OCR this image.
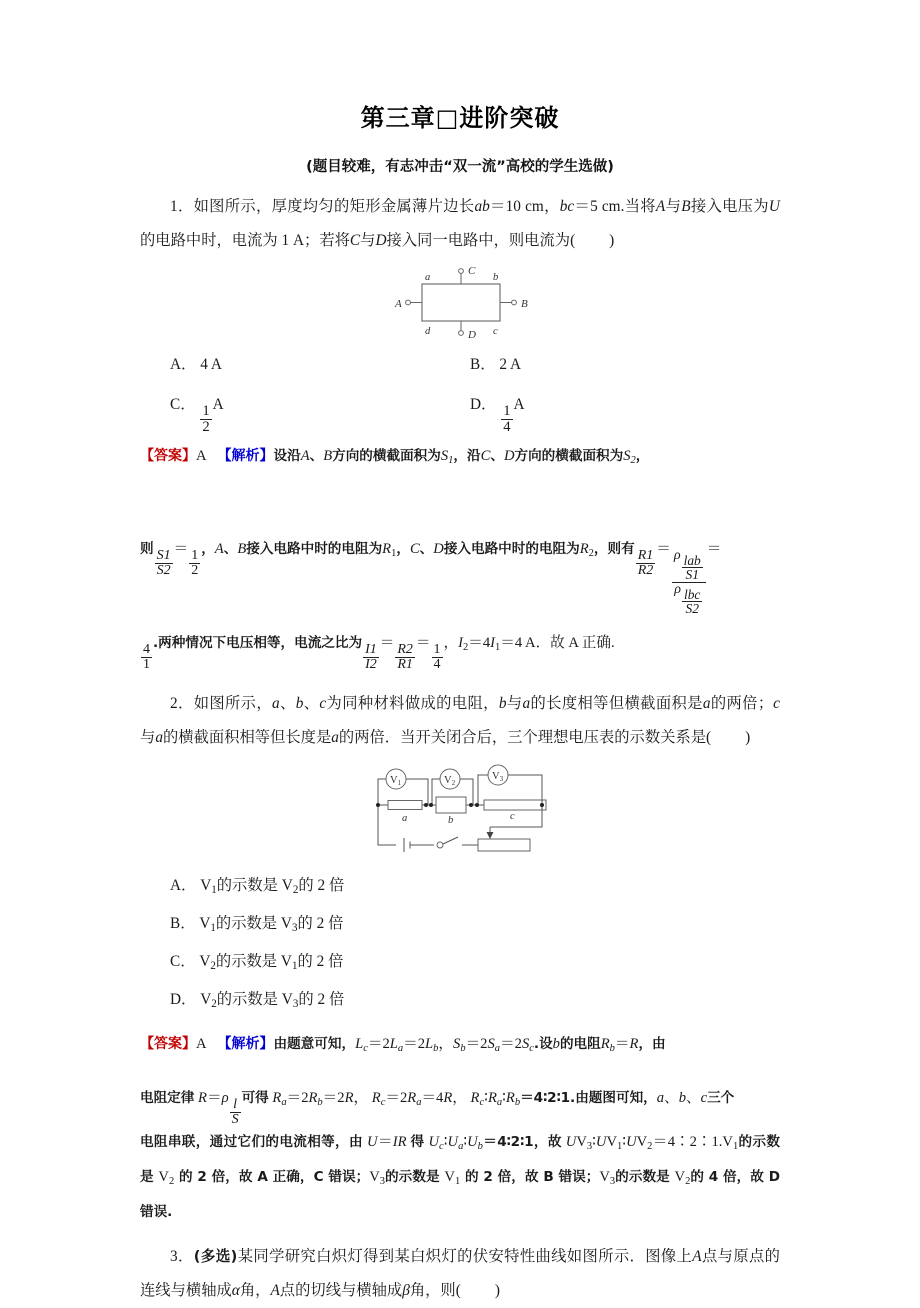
第三章□进阶突破

(题目较难，有志冲击“双一流”高校的学生选做)

1．如图所示，厚度均匀的矩形金属薄片边长ab＝10 cm，bc＝5 cm.当将A与B接入电压为U的电路中时，电流为 1 A；若将C与D接入同一电路中，则电流为( )

A	B
C
D
a	b
d	c
A． 4 A	B． 2 A
C． $\frac{1}{2}$ A	D． $\frac{1}{4}$ A

【答案】A 【解析】设沿A、B方向的横截面积为$S_1$，沿C、D方向的横截面积为$S_2$，

则 $\frac{S1}{S2} = \frac{1}{2}$ ，A、B接入电路中时的电阻为$R_1$，C、D接入电路中时的电阻为$R_2$，则有 $\frac{R1}{R2} = \frac{\rho \frac{\text{lab}}{S1}}{\rho \frac{\text{lbc}}{S2}}$ ＝

$\frac{4}{1}$ .两种情况下电压相等，电流之比为 $\frac{I1}{I2} = \frac{R2}{R1} = \frac{1}{4}$ ，$I_2=4I_1=4$ A．故 A 正确.

2．如图所示，a、b、c为同种材料做成的电阻，b与a的长度相等但横截面积是a的两倍；c与a的横截面积相等但长度是a的两倍．当开关闭合后，三个理想电压表的示数关系是( )

V1	V2
V3
a	b	c
A． $V_1$的示数是 $V_2$的 2 倍
B． $V_1$的示数是 $V_3$的 2 倍
C． $V_2$的示数是 $V_1$的 2 倍
D． $V_2$的示数是 $V_3$的 2 倍

【答案】A 【解析】由题意可知，$L_c=2L_a=2L_b$，$S_b=2S_a=2S_c$.设b的电阻$R_b=R$，由

电阻定律 $R=\rho \frac{l}{S}$ 可得 $R_a=2R_b=2R$， $R_c=2R_a=4R$， $R_c∶R_a∶R_b=4∶2∶1$.由题图可知，a、b、c三个

电阻串联，通过它们的电流相等，由 U＝IR 得 $U_c∶U_a∶U_b=4∶2∶1$，故 $UV_3∶UV_1∶UV_2=4∶2∶1.V_1$的示数是 $V_2$ 的 2 倍，故 A 正确，C 错误；$V_3$的示数是 $V_1$ 的 2 倍，故 B 错误；$V_3$的示数是 $V_2$的 4 倍，故 D 错误.

3．(多选)某同学研究白炽灯得到某白炽灯的伏安特性曲线如图所示．图像上A点与原点的连线与横轴成α角，A点的切线与横轴成β角，则( )
